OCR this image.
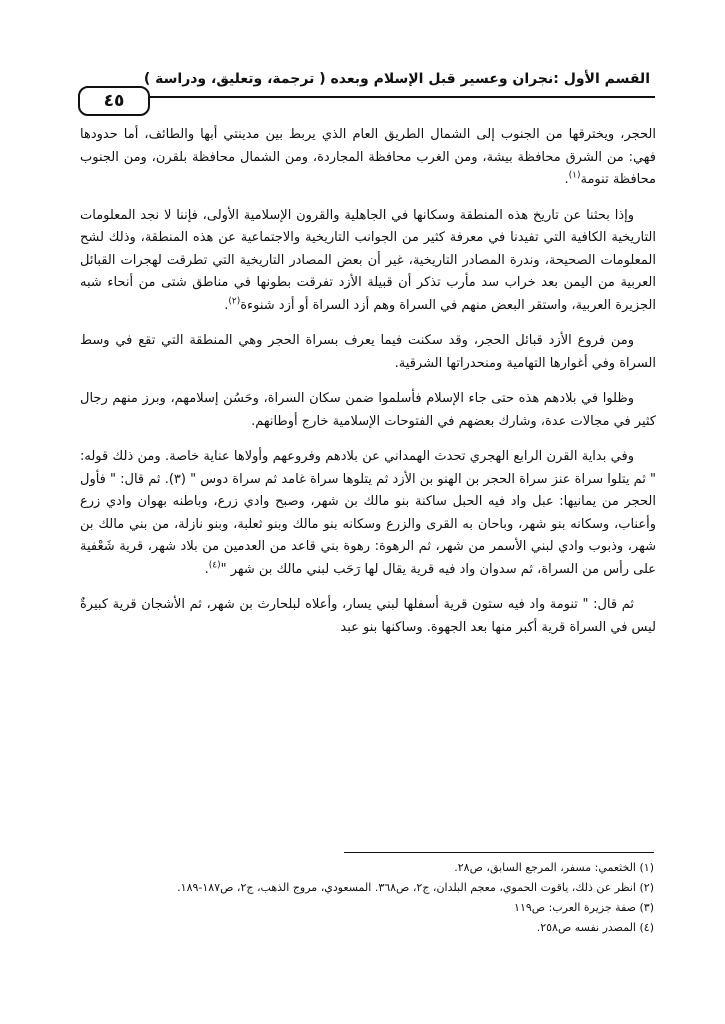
القسم الأول :نجران وعسير قبل الإسلام وبعده ( ترجمة، وتعليق، ودراسة )
٤٥

الحجر، ويخترقها من الجنوب إلى الشمال الطريق العام الذي يربط بين مدينتي أبها والطائف، أما حدودها فهي: من الشرق محافظة بيشة، ومن الغرب محافظة المجاردة، ومن الشمال محافظة بلقرن، ومن الجنوب محافظة تنومة$^{(١)}$.

وإذا بحثنا عن تاريخ هذه المنطقة وسكانها في الجاهلية والقرون الإسلامية الأولى، فإننا لا نجد المعلومات التاريخية الكافية التي تفيدنا في معرفة كثير من الجوانب التاريخية والاجتماعية عن هذه المنطقة، وذلك لشح المعلومات الصحيحة، وندرة المصادر التاريخية، غير أن بعض المصادر التاريخية التي تطرقت لهجرات القبائل العربية من اليمن بعد خراب سد مأرب تذكر أن قبيلة الأزد تفرقت بطونها في مناطق شتى من أنحاء شبه الجزيرة العربية، واستقر البعض منهم في السراة وهم أزد السراة أو أزد شنوءة$^{(٢)}$.

ومن فروع الأزد قبائل الحجر، وقد سكنت فيما يعرف بسراة الحجر وهي المنطقة التي تقع في وسط السراة وفي أغوارها التهامية ومنحدراتها الشرقية.

وظلوا في بلادهم هذه حتى جاء الإسلام فأسلموا ضمن سكان السراة، وحَسُن إسلامهم، وبرز منهم رجال كثير في مجالات عدة، وشارك بعضهم في الفتوحات الإسلامية خارج أوطانهم.

وفي بداية القرن الرابع الهجري تحدث الهمداني عن بلادهم وفروعهم وأولاها عناية خاصة. ومن ذلك قوله: " ثم يتلوا سراة عنز سراة الحجر بن الهنو بن الأزد ثم يتلوها سراة غامد ثم سراة دوس " (٣). ثم قال: " فأول الحجر من يمانيها: عبل واد فيه الحبل ساكنة بنو مالك بن شهر، وصبح وادي زرع، وباطنه بهوان وادي زرع وأعناب، وسكانه بنو شهر، وباحان به القرى والزرع وسكانه بنو مالك وبنو ثعلبة، وبنو نازلة، من بني مالك بن شهر، وذبوب وادي لبني الأسمر من شهر، ثم الرهوة: رهوة بني قاعد من العدمين من بلاد شهر، قرية شَعْفية على رأس من السراة، ثم سدوان واد فيه قرية يقال لها رَحَب لبني مالك بن شهر "$^{(٤)}$.

ثم قال: " تنومة واد فيه ستون قرية أسفلها لبني يسار، وأعلاه لبلحارث بن شهر، ثم الأشجان قرية كبيرةٌ ليس في السراة قرية أكبر منها بعد الجهوة. وساكنها بنو عبد

(١) الخثعمي: مسفر، المرجع السابق، ص٢٨.
(٢) انظر عن ذلك، ياقوت الحموي، معجم البلدان، ج٢، ص٣٦٨. المسعودي، مروج الذهب، ج٢، ص١٨٧-١٨٩.
(٣) صفة جزيرة العرب: ص١١٩
(٤) المصدر نفسه ص٢٥٨.
